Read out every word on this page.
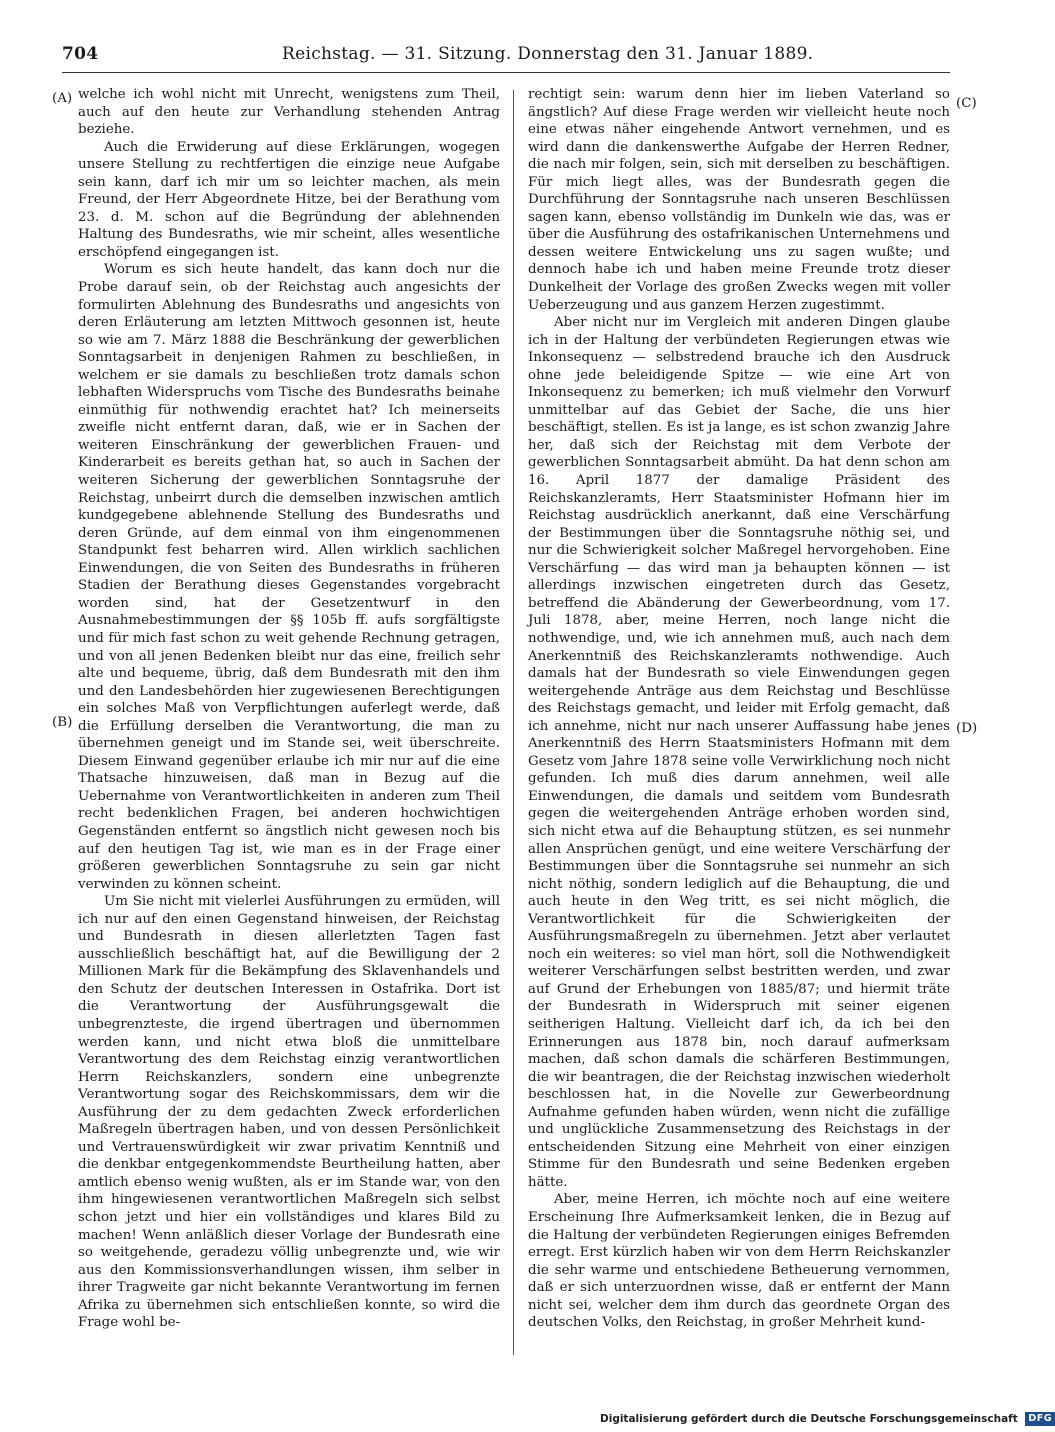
704	Reichstag. — 31. Sitzung. Donnerstag den 31. Januar 1889.
(A)
(B)
(C)
(D)

welche ich wohl nicht mit Unrecht, wenigstens zum Theil, auch auf den heute zur Verhandlung stehenden Antrag beziehe.

Auch die Erwiderung auf diese Erklärungen, wogegen unsere Stellung zu rechtfertigen die einzige neue Aufgabe sein kann, darf ich mir um so leichter machen, als mein Freund, der Herr Abgeordnete Hitze, bei der Berathung vom 23. d. M. schon auf die Begründung der ablehnenden Haltung des Bundesraths, wie mir scheint, alles wesentliche erschöpfend eingegangen ist.

Worum es sich heute handelt, das kann doch nur die Probe darauf sein, ob der Reichstag auch angesichts der formulirten Ablehnung des Bundesraths und angesichts von deren Erläuterung am letzten Mittwoch gesonnen ist, heute so wie am 7. März 1888 die Beschränkung der gewerblichen Sonntagsarbeit in denjenigen Rahmen zu beschließen, in welchem er sie damals zu beschließen trotz damals schon lebhaften Widerspruchs vom Tische des Bundesraths beinahe einmüthig für nothwendig erachtet hat? Ich meinerseits zweifle nicht entfernt daran, daß, wie er in Sachen der weiteren Einschränkung der gewerblichen Frauen- und Kinderarbeit es bereits gethan hat, so auch in Sachen der weiteren Sicherung der gewerblichen Sonntagsruhe der Reichstag, unbeirrt durch die demselben inzwischen amtlich kundgegebene ablehnende Stellung des Bundesraths und deren Gründe, auf dem einmal von ihm eingenommenen Standpunkt fest beharren wird. Allen wirklich sachlichen Einwendungen, die von Seiten des Bundesraths in früheren Stadien der Berathung dieses Gegenstandes vorgebracht worden sind, hat der Gesetzentwurf in den Ausnahmebestimmungen der §§ 105b ff. aufs sorgfältigste und für mich fast schon zu weit gehende Rechnung getragen, und von all jenen Bedenken bleibt nur das eine, freilich sehr alte und bequeme, übrig, daß dem Bundesrath mit den ihm und den Landesbehörden hier zugewiesenen Berechtigungen ein solches Maß von Verpflichtungen auferlegt werde, daß die Erfüllung derselben die Verantwortung, die man zu übernehmen geneigt und im Stande sei, weit überschreite. Diesem Einwand gegenüber erlaube ich mir nur auf die eine Thatsache hinzuweisen, daß man in Bezug auf die Uebernahme von Verantwortlichkeiten in anderen zum Theil recht bedenklichen Fragen, bei anderen hochwichtigen Gegenständen entfernt so ängstlich nicht gewesen noch bis auf den heutigen Tag ist, wie man es in der Frage einer größeren gewerblichen Sonntagsruhe zu sein gar nicht verwinden zu können scheint.

Um Sie nicht mit vielerlei Ausführungen zu ermüden, will ich nur auf den einen Gegenstand hinweisen, der Reichstag und Bundesrath in diesen allerletzten Tagen fast ausschließlich beschäftigt hat, auf die Bewilligung der 2 Millionen Mark für die Bekämpfung des Sklavenhandels und den Schutz der deutschen Interessen in Ostafrika. Dort ist die Verantwortung der Ausführungsgewalt die unbegrenzteste, die irgend übertragen und übernommen werden kann, und nicht etwa bloß die unmittelbare Verantwortung des dem Reichstag einzig verantwortlichen Herrn Reichskanzlers, sondern eine unbegrenzte Verantwortung sogar des Reichskommissars, dem wir die Ausführung der zu dem gedachten Zweck erforderlichen Maßregeln übertragen haben, und von dessen Persönlichkeit und Vertrauenswürdigkeit wir zwar privatim Kenntniß und die denkbar entgegenkommendste Beurtheilung hatten, aber amtlich ebenso wenig wußten, als er im Stande war, von den ihm hingewiesenen verantwortlichen Maßregeln sich selbst schon jetzt und hier ein vollständiges und klares Bild zu machen! Wenn anläßlich dieser Vorlage der Bundesrath eine so weitgehende, geradezu völlig unbegrenzte und, wie wir aus den Kommissionsverhandlungen wissen, ihm selber in ihrer Tragweite gar nicht bekannte Verantwortung im fernen Afrika zu übernehmen sich entschließen konnte, so wird die Frage wohl be-

rechtigt sein: warum denn hier im lieben Vaterland so ängstlich? Auf diese Frage werden wir vielleicht heute noch eine etwas näher eingehende Antwort vernehmen, und es wird dann die dankenswerthe Aufgabe der Herren Redner, die nach mir folgen, sein, sich mit derselben zu beschäftigen. Für mich liegt alles, was der Bundesrath gegen die Durchführung der Sonntagsruhe nach unseren Beschlüssen sagen kann, ebenso vollständig im Dunkeln wie das, was er über die Ausführung des ostafrikanischen Unternehmens und dessen weitere Entwickelung uns zu sagen wußte; und dennoch habe ich und haben meine Freunde trotz dieser Dunkelheit der Vorlage des großen Zwecks wegen mit voller Ueberzeugung und aus ganzem Herzen zugestimmt.

Aber nicht nur im Vergleich mit anderen Dingen glaube ich in der Haltung der verbündeten Regierungen etwas wie Inkonsequenz — selbstredend brauche ich den Ausdruck ohne jede beleidigende Spitze — wie eine Art von Inkonsequenz zu bemerken; ich muß vielmehr den Vorwurf unmittelbar auf das Gebiet der Sache, die uns hier beschäftigt, stellen. Es ist ja lange, es ist schon zwanzig Jahre her, daß sich der Reichstag mit dem Verbote der gewerblichen Sonntagsarbeit abmüht. Da hat denn schon am 16. April 1877 der damalige Präsident des Reichskanzleramts, Herr Staatsminister Hofmann hier im Reichstag ausdrücklich anerkannt, daß eine Verschärfung der Bestimmungen über die Sonntagsruhe nöthig sei, und nur die Schwierigkeit solcher Maßregel hervorgehoben. Eine Verschärfung — das wird man ja behaupten können — ist allerdings inzwischen eingetreten durch das Gesetz, betreffend die Abänderung der Gewerbeordnung, vom 17. Juli 1878, aber, meine Herren, noch lange nicht die nothwendige, und, wie ich annehmen muß, auch nach dem Anerkenntniß des Reichskanzleramts nothwendige. Auch damals hat der Bundesrath so viele Einwendungen gegen weitergehende Anträge aus dem Reichstag und Beschlüsse des Reichstags gemacht, und leider mit Erfolg gemacht, daß ich annehme, nicht nur nach unserer Auffassung habe jenes Anerkenntniß des Herrn Staatsministers Hofmann mit dem Gesetz vom Jahre 1878 seine volle Verwirklichung noch nicht gefunden. Ich muß dies darum annehmen, weil alle Einwendungen, die damals und seitdem vom Bundesrath gegen die weitergehenden Anträge erhoben worden sind, sich nicht etwa auf die Behauptung stützen, es sei nunmehr allen Ansprüchen genügt, und eine weitere Verschärfung der Bestimmungen über die Sonntagsruhe sei nunmehr an sich nicht nöthig, sondern lediglich auf die Behauptung, die und auch heute in den Weg tritt, es sei nicht möglich, die Verantwortlichkeit für die Schwierigkeiten der Ausführungsmaßregeln zu übernehmen. Jetzt aber verlautet noch ein weiteres: so viel man hört, soll die Nothwendigkeit weiterer Verschärfungen selbst bestritten werden, und zwar auf Grund der Erhebungen von 1885/87; und hiermit träte der Bundesrath in Widerspruch mit seiner eigenen seitherigen Haltung. Vielleicht darf ich, da ich bei den Erinnerungen aus 1878 bin, noch darauf aufmerksam machen, daß schon damals die schärferen Bestimmungen, die wir beantragen, die der Reichstag inzwischen wiederholt beschlossen hat, in die Novelle zur Gewerbeordnung Aufnahme gefunden haben würden, wenn nicht die zufällige und unglückliche Zusammensetzung des Reichstags in der entscheidenden Sitzung eine Mehrheit von einer einzigen Stimme für den Bundesrath und seine Bedenken ergeben hätte.

Aber, meine Herren, ich möchte noch auf eine weitere Erscheinung Ihre Aufmerksamkeit lenken, die in Bezug auf die Haltung der verbündeten Regierungen einiges Befremden erregt. Erst kürzlich haben wir von dem Herrn Reichskanzler die sehr warme und entschiedene Betheuerung vernommen, daß er sich unterzuordnen wisse, daß er entfernt der Mann nicht sei, welcher dem ihm durch das geordnete Organ des deutschen Volks, den Reichstag, in großer Mehrheit kund-

Digitalisierung gefördert durch die Deutsche Forschungsgemeinschaft DFG
